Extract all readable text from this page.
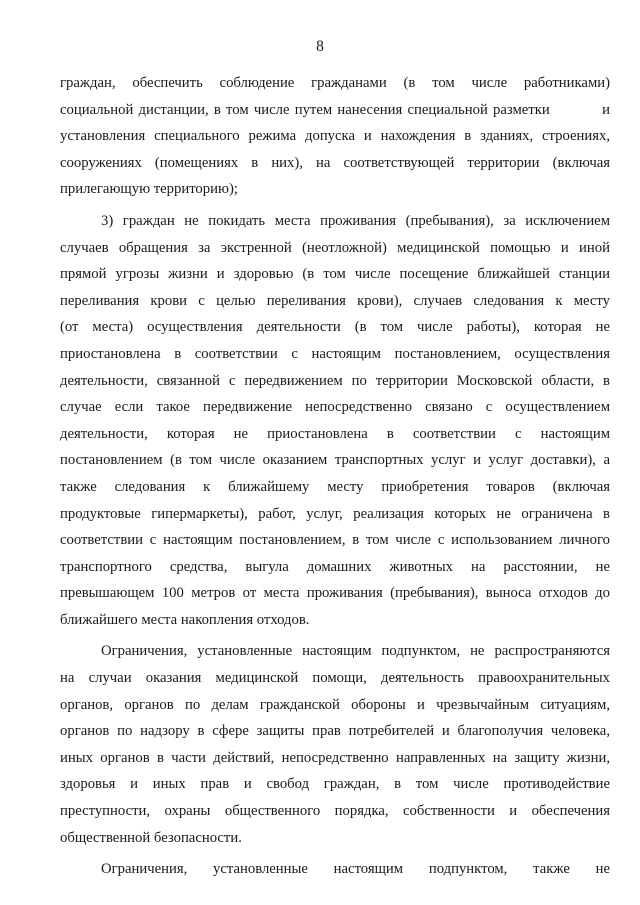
8

граждан, обеспечить соблюдение гражданами (в том числе работниками)

социальной дистанции, в том числе путем нанесения специальной разметки          и

установления специального режима допуска и нахождения в зданиях, строениях,

сооружениях (помещениях в них), на соответствующей территории (включая

прилегающую территорию);

3) граждан не покидать места проживания (пребывания), за исключением

случаев обращения за экстренной (неотложной) медицинской помощью и иной

прямой угрозы жизни и здоровью (в том числе посещение ближайшей станции

переливания крови с целью переливания крови), случаев следования к месту

(от места) осуществления деятельности (в том числе работы), которая не

приостановлена в соответствии с настоящим постановлением, осуществления

деятельности, связанной с передвижением по территории Московской области, в

случае если такое передвижение непосредственно связано с осуществлением

деятельности, которая не приостановлена в соответствии с настоящим

постановлением (в том числе оказанием транспортных услуг и услуг доставки), а

также следования к ближайшему месту приобретения товаров (включая

продуктовые гипермаркеты), работ, услуг, реализация которых не ограничена в

соответствии с настоящим постановлением, в том числе с использованием личного

транспортного средства, выгула домашних животных на расстоянии, не

превышающем 100 метров от места проживания (пребывания), выноса отходов до

ближайшего места накопления отходов.

Ограничения, установленные настоящим подпунктом, не распространяются

на случаи оказания медицинской помощи, деятельность правоохранительных

органов, органов по делам гражданской обороны и чрезвычайным ситуациям,

органов по надзору в сфере защиты прав потребителей и благополучия человека,

иных органов в части действий, непосредственно направленных на защиту жизни,

здоровья и иных прав и свобод граждан, в том числе противодействие

преступности, охраны общественного порядка, собственности и обеспечения

общественной безопасности.

Ограничения, установленные настоящим подпунктом, также не
